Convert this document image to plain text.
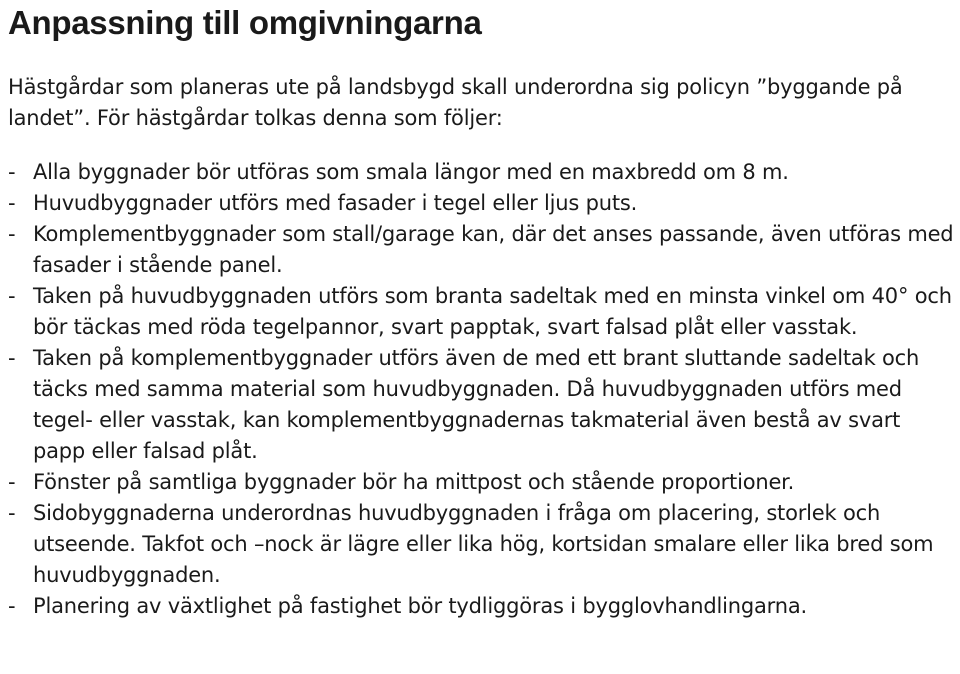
Anpassning till omgivningarna

Hästgårdar som planeras ute på landsbygd skall underordna sig policyn ”byggande på landet”. För hästgårdar tolkas denna som följer:

- Alla byggnader bör utföras som smala längor med en maxbredd om 8 m.
- Huvudbyggnader utförs med fasader i tegel eller ljus puts.
- Komplementbyggnader som stall/garage kan, där det anses passande, även utföras med fasader i stående panel.
- Taken på huvudbyggnaden utförs som branta sadeltak med en minsta vinkel om 40° och bör täckas med röda tegelpannor, svart papptak, svart falsad plåt eller vasstak.
- Taken på komplementbyggnader utförs även de med ett brant sluttande sadeltak och täcks med samma material som huvudbyggnaden. Då huvudbyggnaden utförs med tegel- eller vasstak, kan komplementbyggnadernas takmaterial även bestå av svart papp eller falsad plåt.
- Fönster på samtliga byggnader bör ha mittpost och stående proportioner.
- Sidobyggnaderna underordnas huvudbyggnaden i fråga om placering, storlek och utseende. Takfot och –nock är lägre eller lika hög, kortsidan smalare eller lika bred som huvudbyggnaden.
- Planering av växtlighet på fastighet bör tydliggöras i bygglovhandlingarna.
